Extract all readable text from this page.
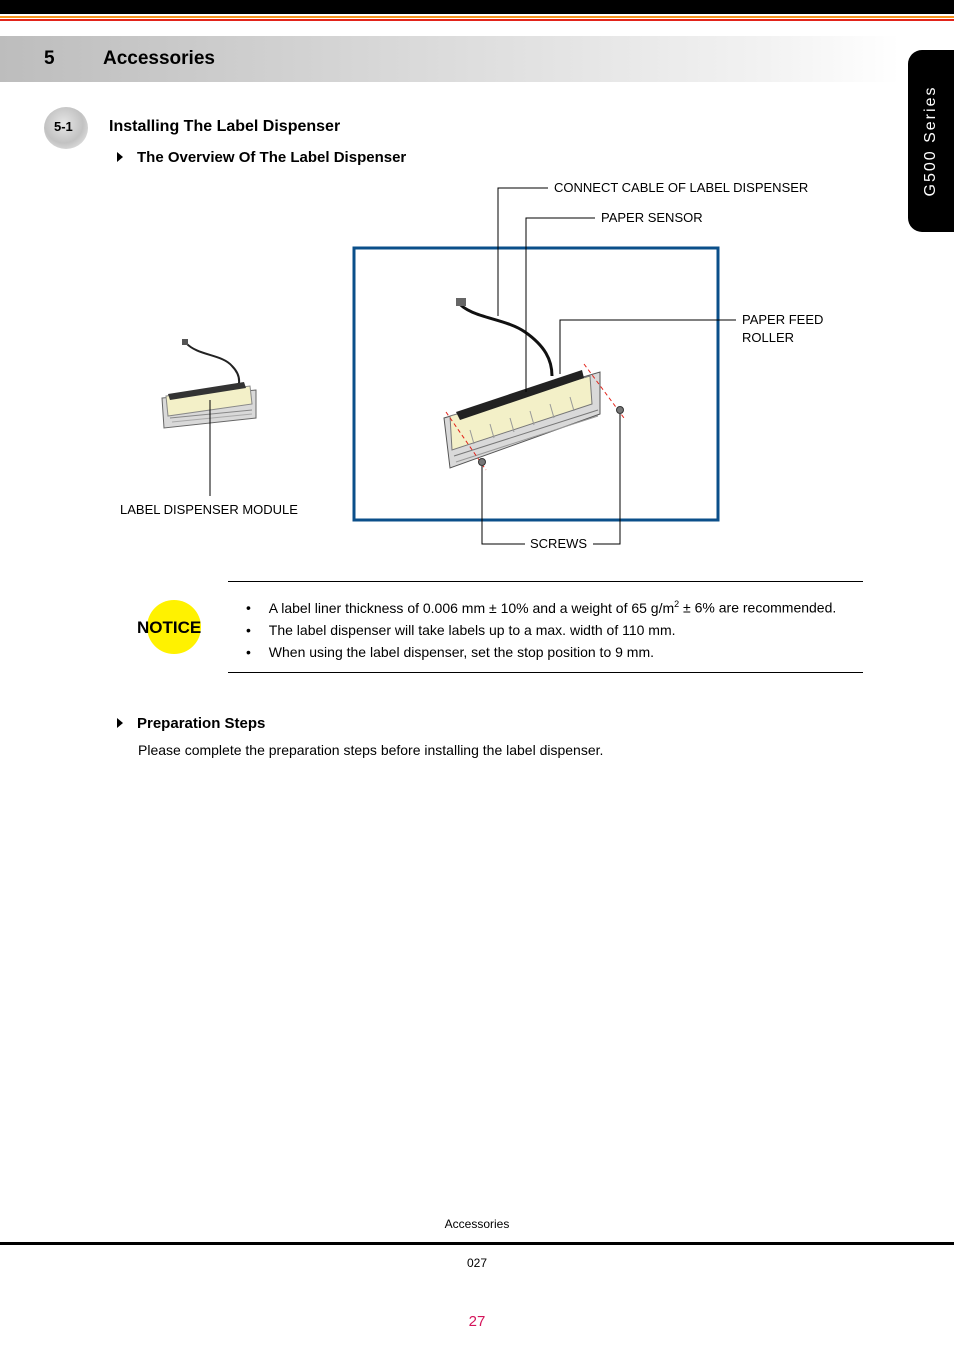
5	Accessories
G500 Series
5-1 Installing The Label Dispenser
The Overview Of The Label Dispenser
CONNECT CABLE OF LABEL DISPENSER
PAPER SENSOR
PAPER FEED
ROLLER
LABEL DISPENSER MODULE
SCREWS
NOTICE
• A label liner thickness of 0.006 mm ± 10% and a weight of 65 $g/m^2 \pm 6\%$ are recommended.
• The label dispenser will take labels up to a max. width of 110 mm.
• When using the label dispenser, set the stop position to 9 mm.
Preparation Steps
Please complete the preparation steps before installing the label dispenser.
Accessories
027
27
